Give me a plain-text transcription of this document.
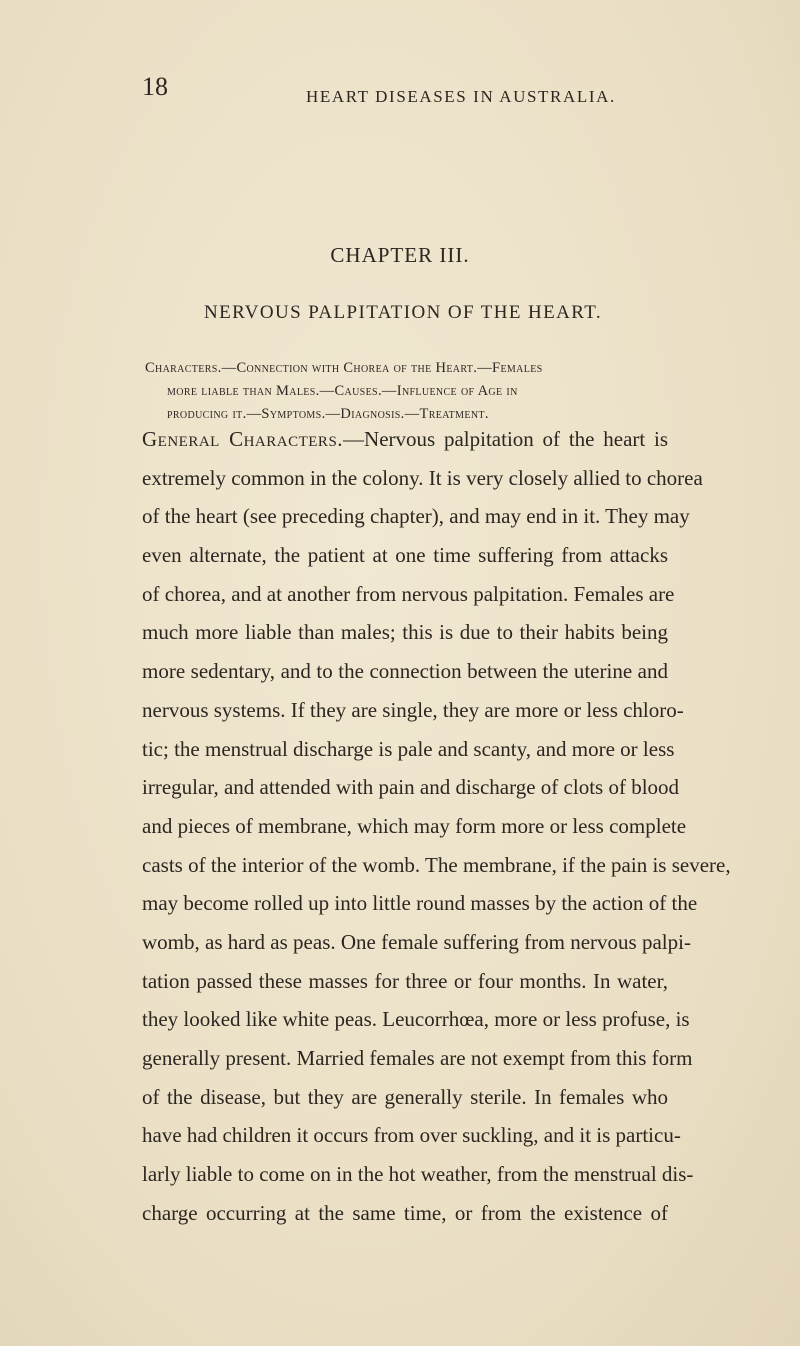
18	HEART DISEASES IN AUSTRALIA.
CHAPTER III.
NERVOUS PALPITATION OF THE HEART.
Characters.—Connection with Chorea of the Heart.—Females
more liable than Males.—Causes.—Influence of Age in
producing it.—Symptoms.—Diagnosis.—Treatment.
General Characters.—Nervous palpitation of the heart is
extremely common in the colony. It is very closely allied to chorea
of the heart (see preceding chapter), and may end in it. They may
even alternate, the patient at one time suffering from attacks
of chorea, and at another from nervous palpitation. Females are
much more liable than males; this is due to their habits being
more sedentary, and to the connection between the uterine and
nervous systems. If they are single, they are more or less chloro-
tic; the menstrual discharge is pale and scanty, and more or less
irregular, and attended with pain and discharge of clots of blood
and pieces of membrane, which may form more or less complete
casts of the interior of the womb. The membrane, if the pain is severe,
may become rolled up into little round masses by the action of the
womb, as hard as peas. One female suffering from nervous palpi-
tation passed these masses for three or four months. In water,
they looked like white peas. Leucorrhœa, more or less profuse, is
generally present. Married females are not exempt from this form
of the disease, but they are generally sterile. In females who
have had children it occurs from over suckling, and it is particu-
larly liable to come on in the hot weather, from the menstrual dis-
charge occurring at the same time, or from the existence of
